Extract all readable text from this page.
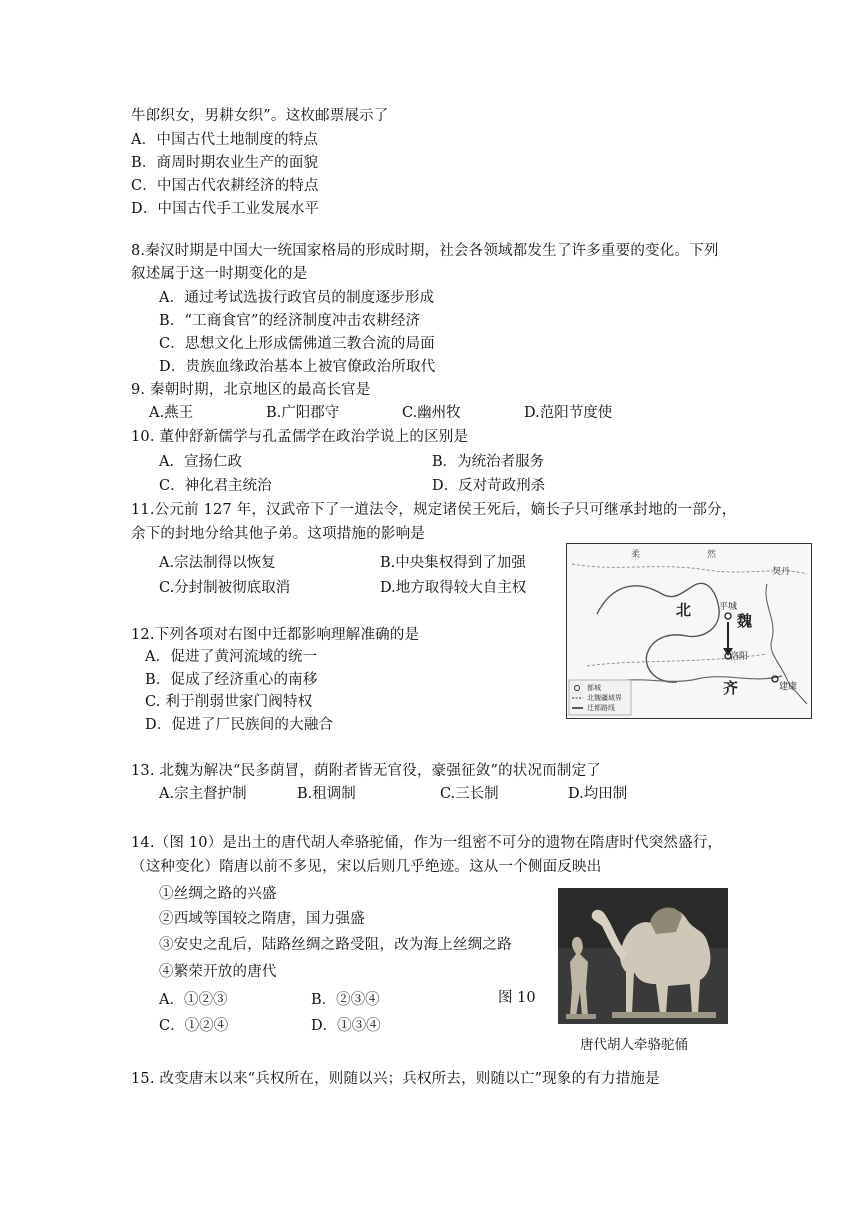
牛郎织女，男耕女织”。这枚邮票展示了
A．中国古代土地制度的特点
B．商周时期农业生产的面貌
C．中国古代农耕经济的特点
D．中国古代手工业发展水平
8.秦汉时期是中国大一统国家格局的形成时期，社会各领域都发生了许多重要的变化。下列
叙述属于这一时期变化的是
A．通过考试选拔行政官员的制度逐步形成
B．“工商食官”的经济制度冲击农耕经济
C．思想文化上形成儒佛道三教合流的局面
D．贵族血缘政治基本上被官僚政治所取代
9. 秦朝时期，北京地区的最高长官是
A.燕王	B.广阳郡守	C.幽州牧	D.范阳节度使
10. 董仲舒新儒学与孔孟儒学在政治学说上的区别是
A．宣扬仁政	B．为统治者服务
C．神化君主统治	D．反对苛政刑杀
11.公元前 127 年，汉武帝下了一道法令，规定诸侯王死后，嫡长子只可继承封地的一部分，
余下的封地分给其他子弟。这项措施的影响是
A.宗法制得以恢复	B.中央集权得到了加强
C.分封制被彻底取消	D.地方取得较大自主权
柔	然
契丹
北
魏
平城
洛阳
齐	建康
都城
北魏疆域界
迁都路线
12.下列各项对右图中迁都影响理解准确的是
A．促进了黄河流域的统一
B．促成了经济重心的南移
C. 利于削弱世家门阀特权
D．促进了厂民族间的大融合
13. 北魏为解决“民多荫冒，荫附者皆无官役，豪强征敛”的状况而制定了
A.宗主督护制	B.租调制	C.三长制	D.均田制
14.（图 10）是出土的唐代胡人牵骆驼俑，作为一组密不可分的遗物在隋唐时代突然盛行，
（这种变化）隋唐以前不多见，宋以后则几乎绝迹。这从一个侧面反映出
①丝绸之路的兴盛
②西域等国较之隋唐，国力强盛
③安史之乱后，陆路丝绸之路受阻，改为海上丝绸之路
④繁荣开放的唐代
A．①②③	B．②③④
C．①②④	D．①③④
图 10
唐代胡人牵骆驼俑
15. 改变唐末以来“兵权所在，则随以兴；兵权所去，则随以亡”现象的有力措施是
